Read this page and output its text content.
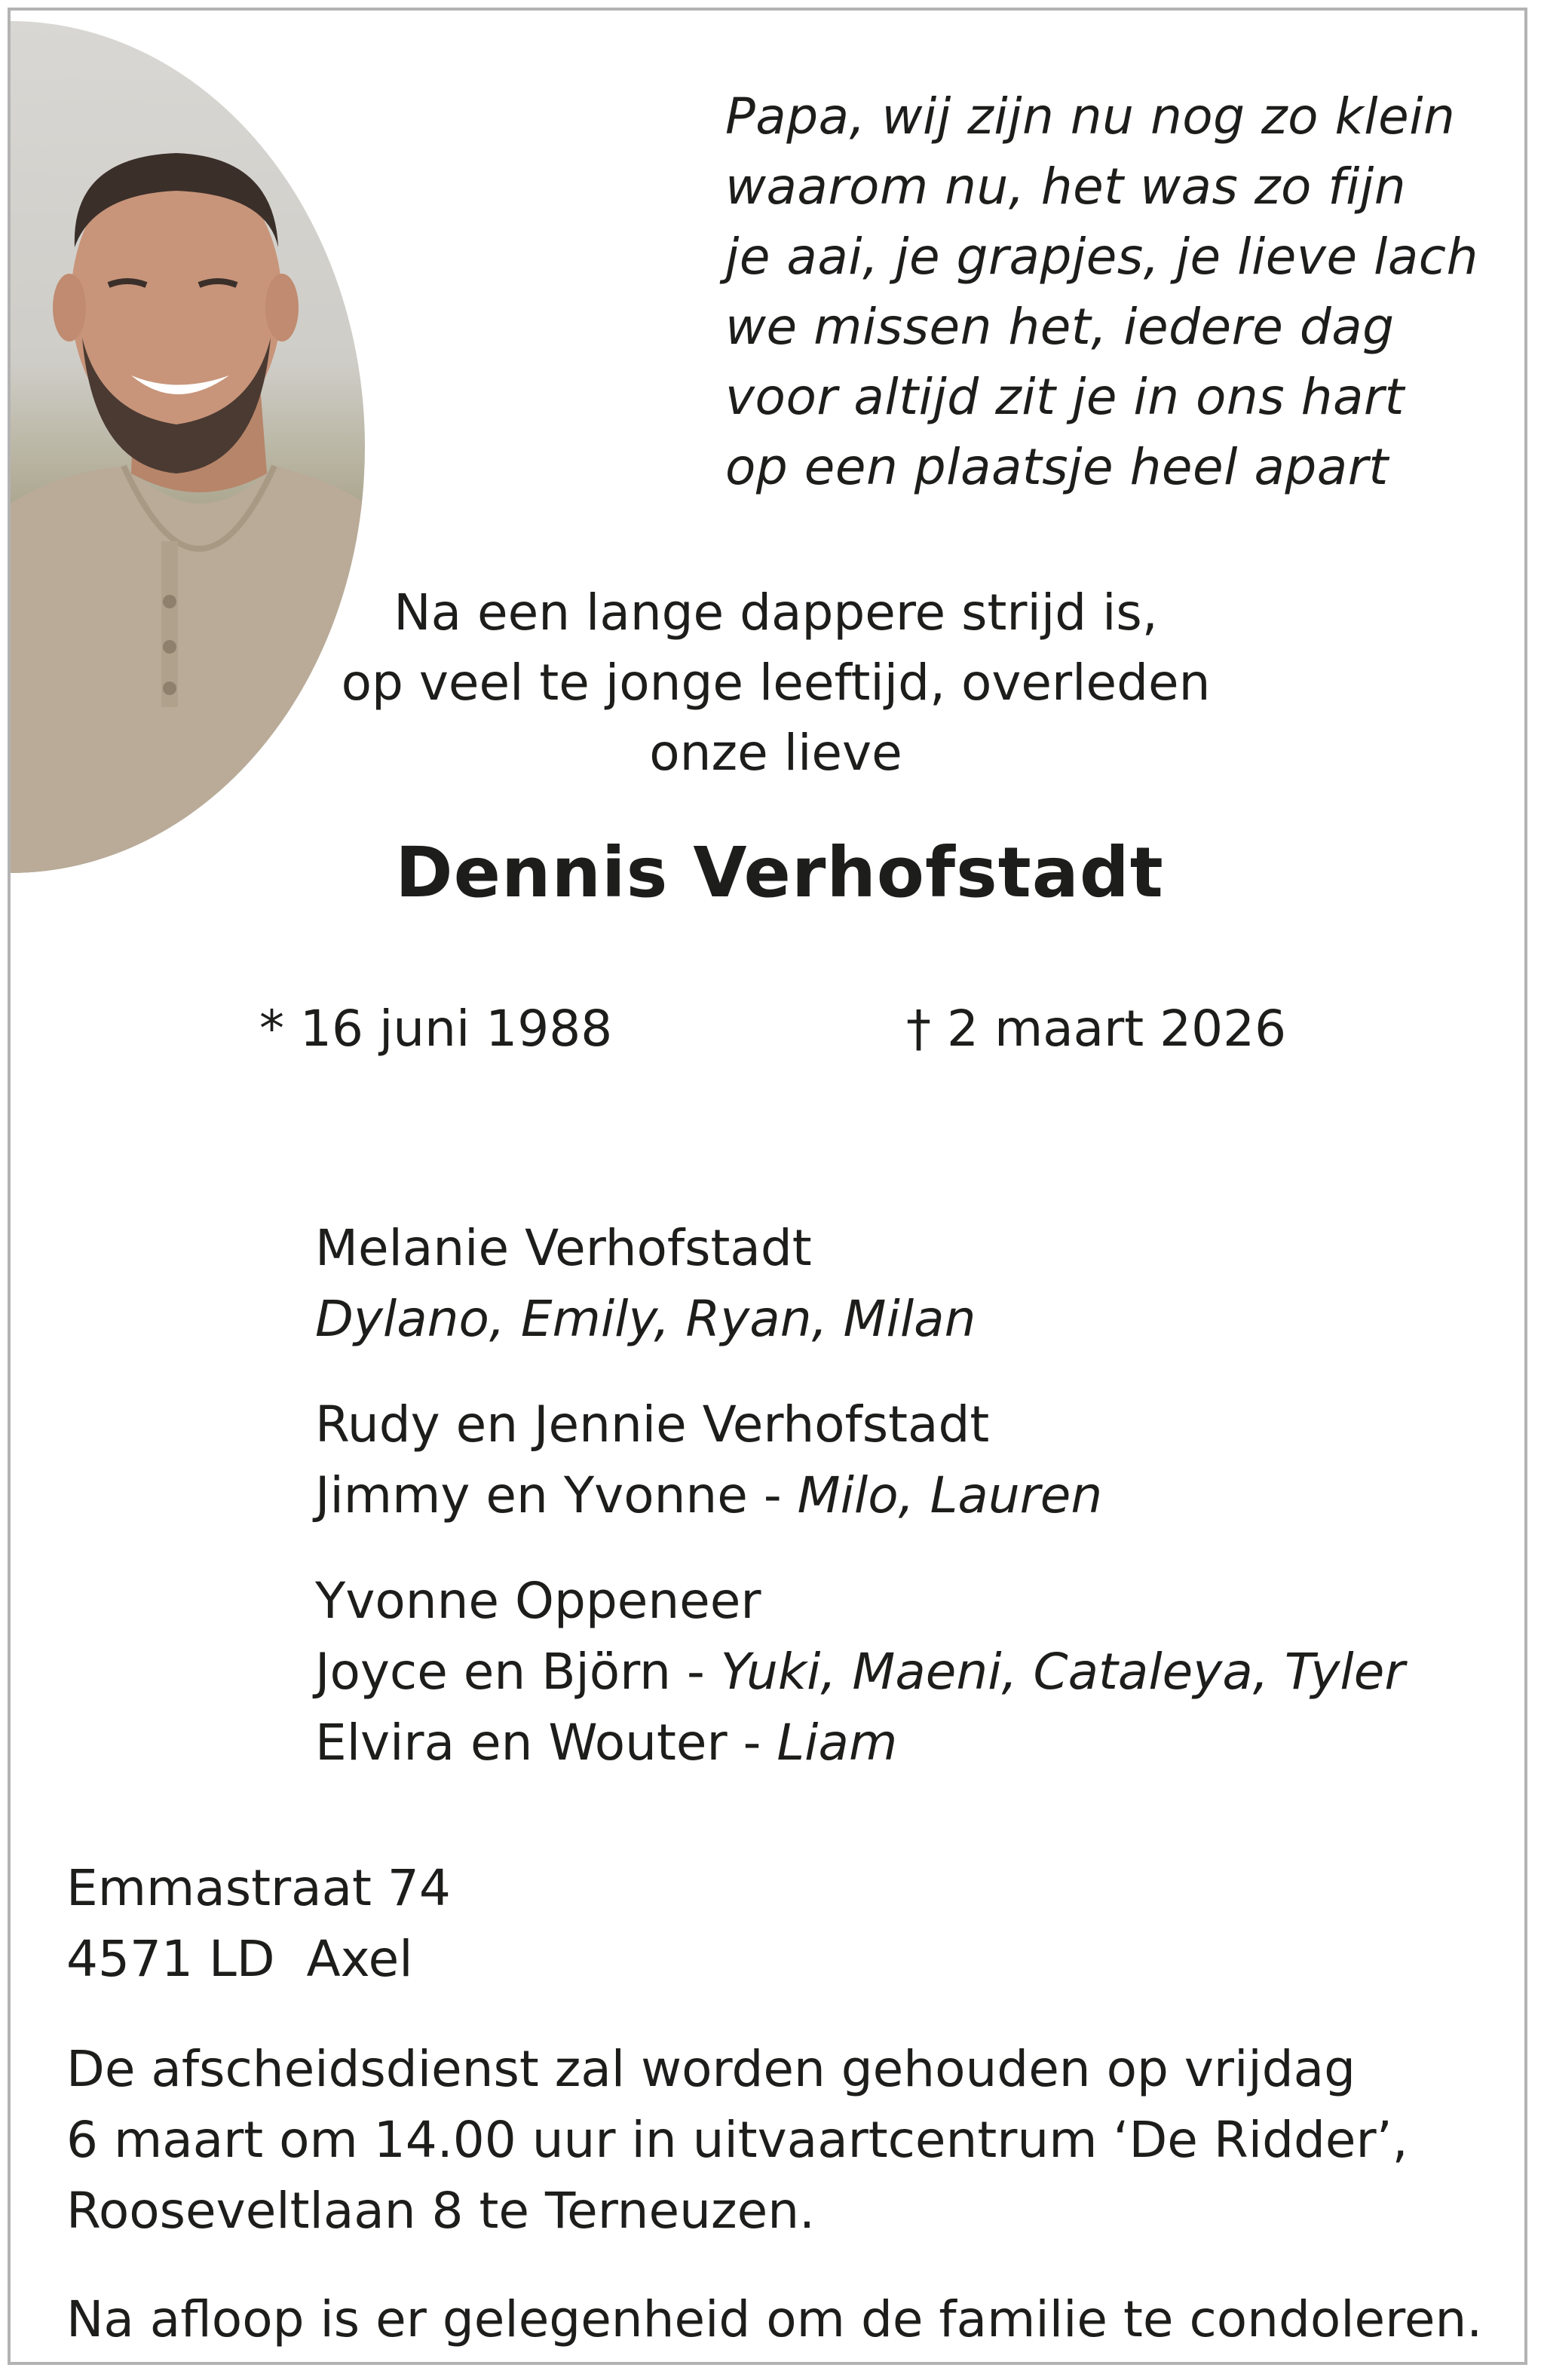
Papa, wij zijn nu nog zo klein
waarom nu, het was zo fijn
je aai, je grapjes, je lieve lach
we missen het, iedere dag
voor altijd zit je in ons hart
op een plaatsje heel apart
Na een lange dappere strijd is,
op veel te jonge leeftijd, overleden
onze lieve
Dennis Verhofstadt
* 16 juni 1988	† 2 maart 2026
Melanie Verhofstadt
Dylano, Emily, Ryan, Milan
Rudy en Jennie Verhofstadt
Jimmy en Yvonne - Milo, Lauren
Yvonne Oppeneer
Joyce en Björn - Yuki, Maeni, Cataleya, Tyler
Elvira en Wouter - Liam
Emmastraat 74
4571 LD  Axel
De afscheidsdienst zal worden gehouden op vrijdag
6 maart om 14.00 uur in uitvaartcentrum ‘De Ridder’,
Rooseveltlaan 8 te Terneuzen.
Na afloop is er gelegenheid om de familie te condoleren.
